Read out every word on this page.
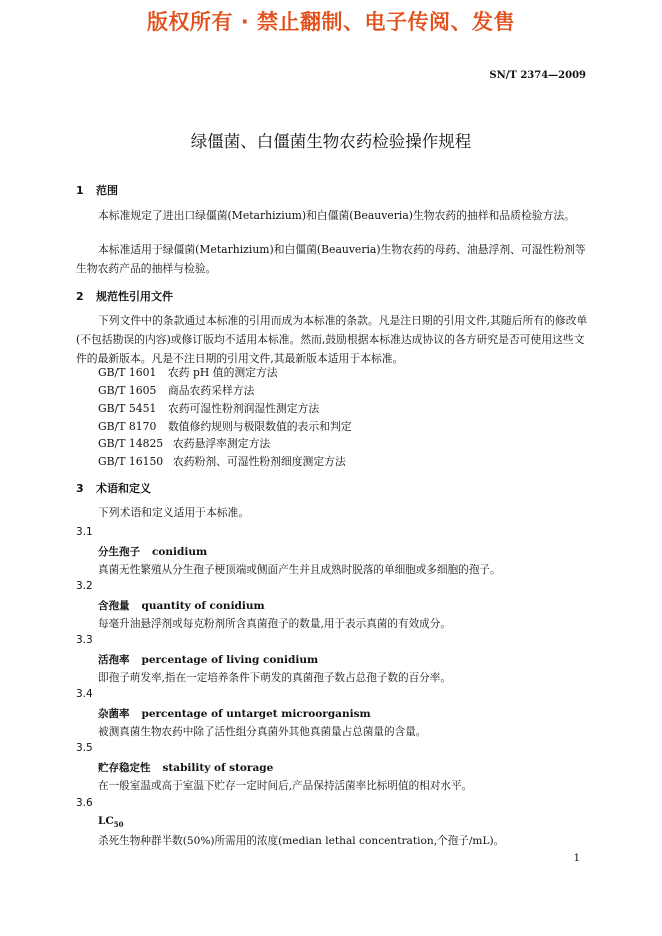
版权所有 · 禁止翻制、电子传阅、发售
SN/T 2374—2009
绿僵菌、白僵菌生物农药检验操作规程
1 范围
本标准规定了进出口绿僵菌(Metarhizium)和白僵菌(Beauveria)生物农药的抽样和品质检验方法。
本标准适用于绿僵菌(Metarhizium)和白僵菌(Beauveria)生物农药的母药、油悬浮剂、可湿性粉剂等生物农药产品的抽样与检验。
2 规范性引用文件
下列文件中的条款通过本标准的引用而成为本标准的条款。凡是注日期的引用文件,其随后所有的修改单(不包括勘误的内容)或修订版均不适用本标准。然而,鼓励根据本标准达成协议的各方研究是否可使用这些文件的最新版本。凡是不注日期的引用文件,其最新版本适用于本标准。
GB/T 1601 农药 pH 值的测定方法
GB/T 1605 商品农药采样方法
GB/T 5451 农药可湿性粉剂润湿性测定方法
GB/T 8170 数值修约规则与极限数值的表示和判定
GB/T 14825 农药悬浮率测定方法
GB/T 16150 农药粉剂、可湿性粉剂细度测定方法
3 术语和定义
下列术语和定义适用于本标准。
3.1
分生孢子 conidium
真菌无性繁殖从分生孢子梗顶端或侧面产生并且成熟时脱落的单细胞或多细胞的孢子。
3.2
含孢量 quantity of conidium
每毫升油悬浮剂或每克粉剂所含真菌孢子的数量,用于表示真菌的有效成分。
3.3
活孢率 percentage of living conidium
即孢子萌发率,指在一定培养条件下萌发的真菌孢子数占总孢子数的百分率。
3.4
杂菌率 percentage of untarget microorganism
被测真菌生物农药中除了活性组分真菌外其他真菌量占总菌量的含量。
3.5
贮存稳定性 stability of storage
在一般室温或高于室温下贮存一定时间后,产品保持活菌率比标明值的相对水平。
3.6
$LC_{50}$
杀死生物种群半数(50%)所需用的浓度(median lethal concentration,个孢子/mL)。
1
